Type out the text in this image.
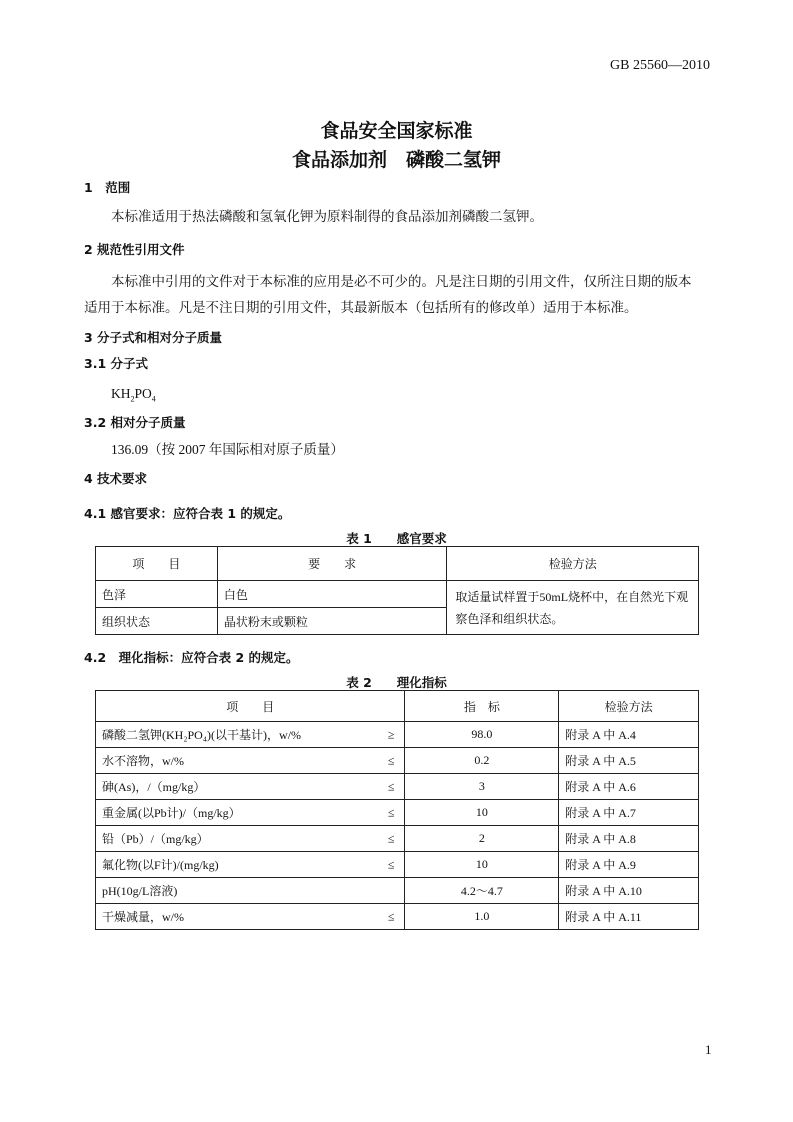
GB 25560—2010
食品安全国家标准
食品添加剂　磷酸二氢钾
1　范围
本标准适用于热法磷酸和氢氧化钾为原料制得的食品添加剂磷酸二氢钾。
2 规范性引用文件
本标准中引用的文件对于本标准的应用是必不可少的。凡是注日期的引用文件，仅所注日期的版本
适用于本标准。凡是不注日期的引用文件，其最新版本（包括所有的修改单）适用于本标准。
3 分子式和相对分子质量
3.1 分子式
$KH_2PO_4$
3.2 相对分子质量
136.09（按 2007 年国际相对原子质量）
4 技术要求
4.1 感官要求：应符合表 1 的规定。
表 1　　感官要求
项　　目	要　　求	检验方法
色泽	白色	取适量试样置于50mL烧杯中，在自然光下观
察色泽和组织状态。

组织状态	晶状粉末或颗粒	
4.2　理化指标：应符合表 2 的规定。
表 2　　理化指标
项　　目	指　标	检验方法
磷酸二氢钾(KH₂PO₄)(以干基计)，w/% ≥	98.0	附录 A 中 A.4
水不溶物，w/% ≤	0.2	附录 A 中 A.5
砷(As)，/（mg/kg） ≤	3	附录 A 中 A.6
重金属(以Pb计)/（mg/kg） ≤	10	附录 A 中 A.7
铅（Pb）/（mg/kg） ≤	2	附录 A 中 A.8
氟化物(以F计)/(mg/kg) ≤	10	附录 A 中 A.9
pH(10g/L溶液)	4.2～4.7	附录 A 中 A.10
干燥减量，w/% ≤	1.0	附录 A 中 A.11
1
